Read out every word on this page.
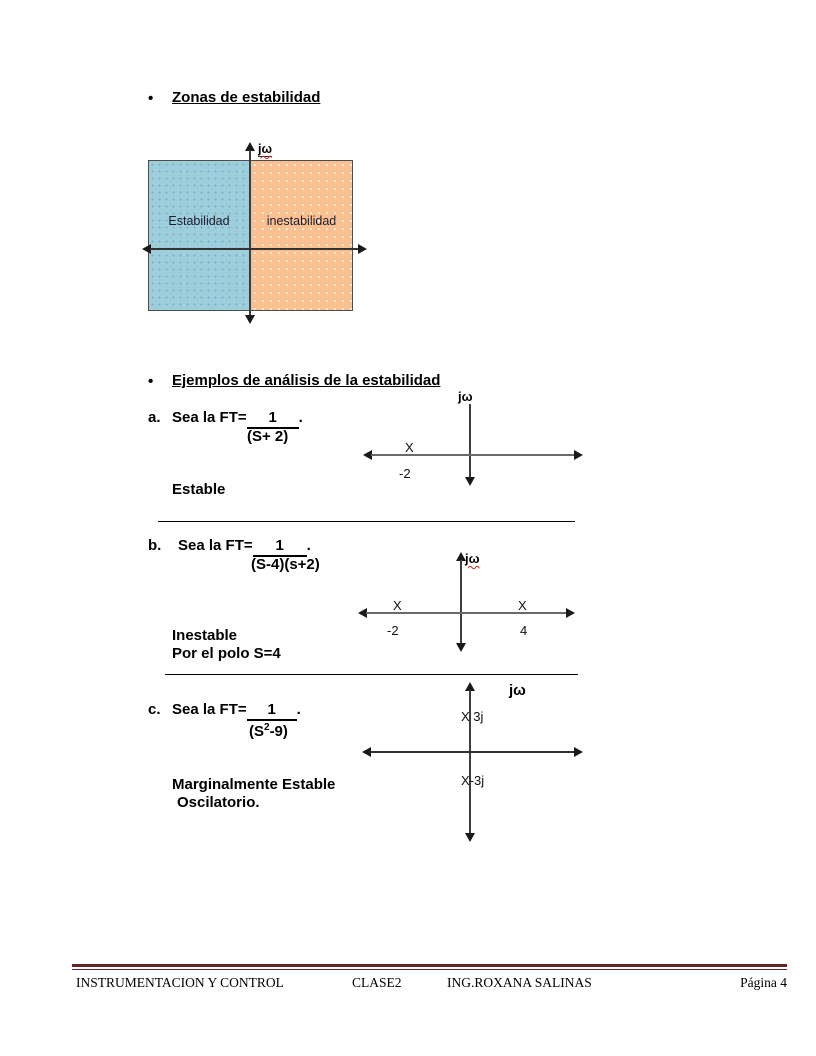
• Zonas de estabilidad
Estabilidad	inestabilidad
jω
• Ejemplos de análisis de la estabilidad
a. Sea la FT= 1 .
(S+ 2)
jω
X
-2
Estable
b. Sea la FT= 1 .
(S-4)(s+2)	jω
X
-2
X
4
Inestable
Por el polo S=4
jω
c. Sea la FT= 1 .
$(S^2-9)$
X 3j
X-3j
Marginalmente Estable
Oscilatorio.
INSTRUMENTACION Y CONTROL	CLASE2	ING.ROXANA SALINAS	Página 4
